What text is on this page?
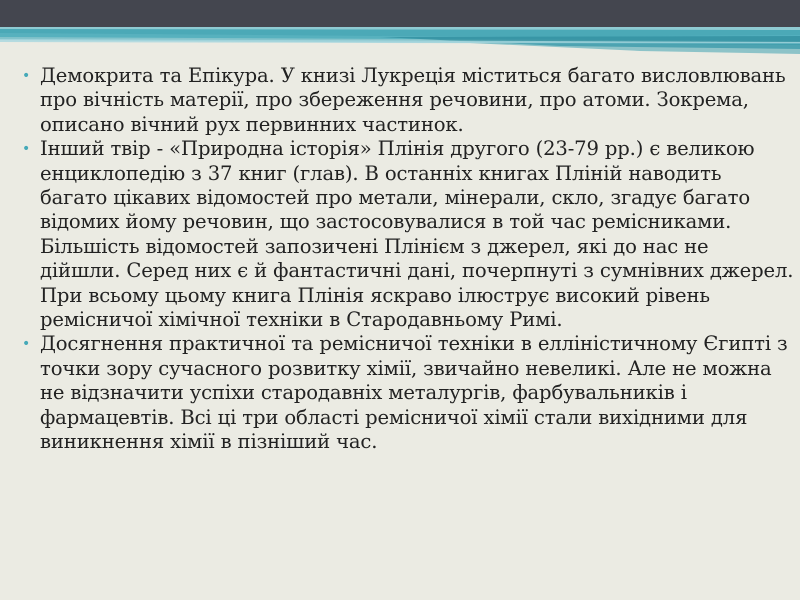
• Демокрита та Епікура. У книзі Лукреція міститься багато висловлювань про вічність матерії, про збереження речовини, про атоми. Зокрема, описано вічний рух первинних частинок.
• Інший твір - «Природна історія» Плінія другого (23-79 рр.) є великою енциклопедію з 37 книг (глав). В останніх книгах Пліній наводить багато цікавих відомостей про метали, мінерали, скло, згадує багато відомих йому речовин, що застосовувалися в той час ремісниками. Більшість відомостей запозичені Плінієм з джерел, які до нас не дійшли. Серед них є й фантастичні дані, почерпнуті з сумнівних джерел. При всьому цьому книга Плінія яскраво ілюструє високий рівень ремісничої хімічної техніки в Стародавньому Римі.
• Досягнення практичної та ремісничої техніки в елліністичному Єгипті з точки зору сучасного розвитку хімії, звичайно невеликі. Але не можна не відзначити успіхи стародавніх металургів, фарбувальників і фармацевтів. Всі ці три області ремісничої хімії стали вихідними для виникнення хімії в пізніший час.
